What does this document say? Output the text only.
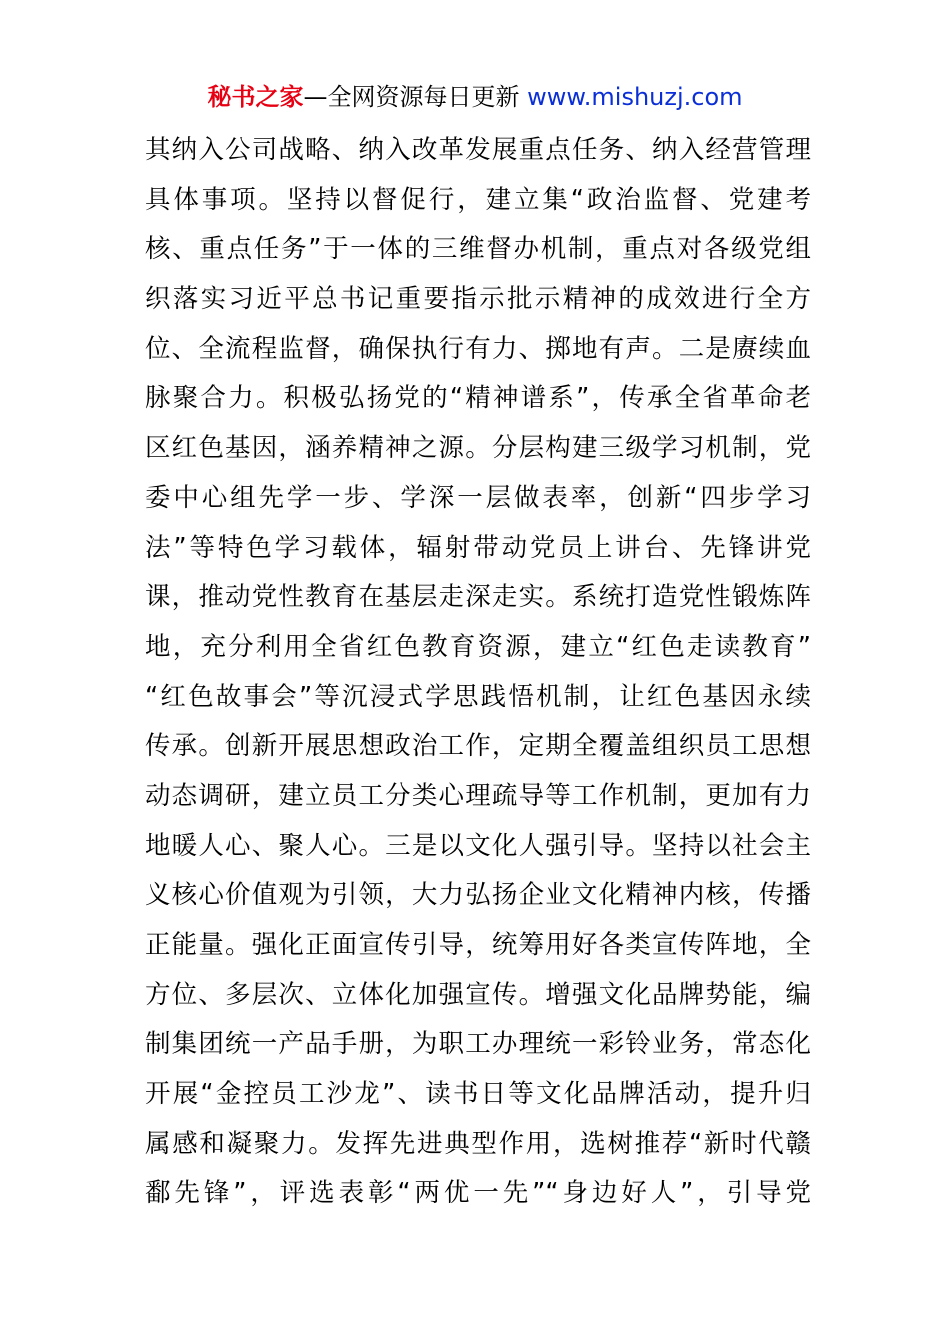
秘书之家—全网资源每日更新 www.mishuzj.com
其纳入公司战略、纳入改革发展重点任务、纳入经营管理
具体事项。坚持以督促行，建立集“政治监督、党建考
核、重点任务”于一体的三维督办机制，重点对各级党组
织落实习近平总书记重要指示批示精神的成效进行全方
位、全流程监督，确保执行有力、掷地有声。二是赓续血
脉聚合力。积极弘扬党的“精神谱系”，传承全省革命老
区红色基因，涵养精神之源。分层构建三级学习机制，党
委中心组先学一步、学深一层做表率，创新“四步学习
法”等特色学习载体，辐射带动党员上讲台、先锋讲党
课，推动党性教育在基层走深走实。系统打造党性锻炼阵
地，充分利用全省红色教育资源，建立“红色走读教育”
“红色故事会”等沉浸式学思践悟机制，让红色基因永续
传承。创新开展思想政治工作，定期全覆盖组织员工思想
动态调研，建立员工分类心理疏导等工作机制，更加有力
地暖人心、聚人心。三是以文化人强引导。坚持以社会主
义核心价值观为引领，大力弘扬企业文化精神内核，传播
正能量。强化正面宣传引导，统筹用好各类宣传阵地，全
方位、多层次、立体化加强宣传。增强文化品牌势能，编
制集团统一产品手册，为职工办理统一彩铃业务，常态化
开展“金控员工沙龙”、读书日等文化品牌活动，提升归
属感和凝聚力。发挥先进典型作用，选树推荐“新时代赣
鄱先锋”，评选表彰“两优一先”“身边好人”，引导党
